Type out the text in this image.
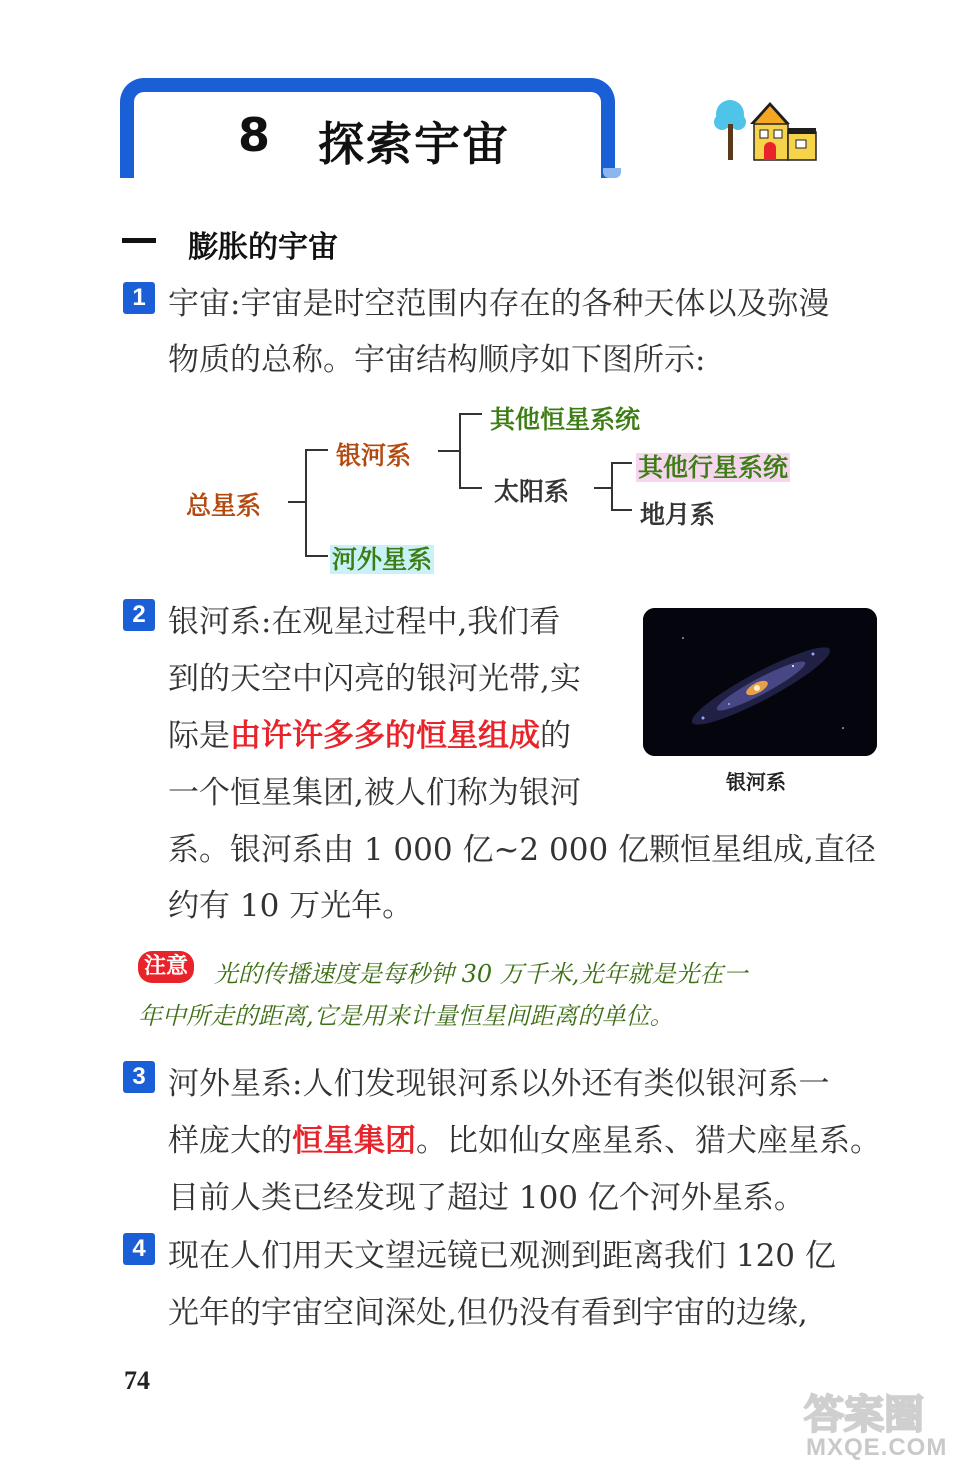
8 探索宇宙
膨胀的宇宙
1 宇宙:宇宙是时空范围内存在的各种天体以及弥漫
物质的总称。宇宙结构顺序如下图所示:
总星系
银河系
其他恒星系统
太阳系
其他行星系统
地月系
河外星系
2 银河系:在观星过程中,我们看
到的天空中闪亮的银河光带,实
际是由许许多多的恒星组成的
一个恒星集团,被人们称为银河
系。银河系由 1 000 亿~2 000 亿颗恒星组成,直径
约有 10 万光年。
银河系
注意 光的传播速度是每秒钟 30 万千米,光年就是光在一
年中所走的距离,它是用来计量恒星间距离的单位。
3 河外星系:人们发现银河系以外还有类似银河系一
样庞大的恒星集团。比如仙女座星系、猎犬座星系。
目前人类已经发现了超过 100 亿个河外星系。
4 现在人们用天文望远镜已观测到距离我们 120 亿
光年的宇宙空间深处,但仍没有看到宇宙的边缘,
74
答案圈
MXQE.COM
